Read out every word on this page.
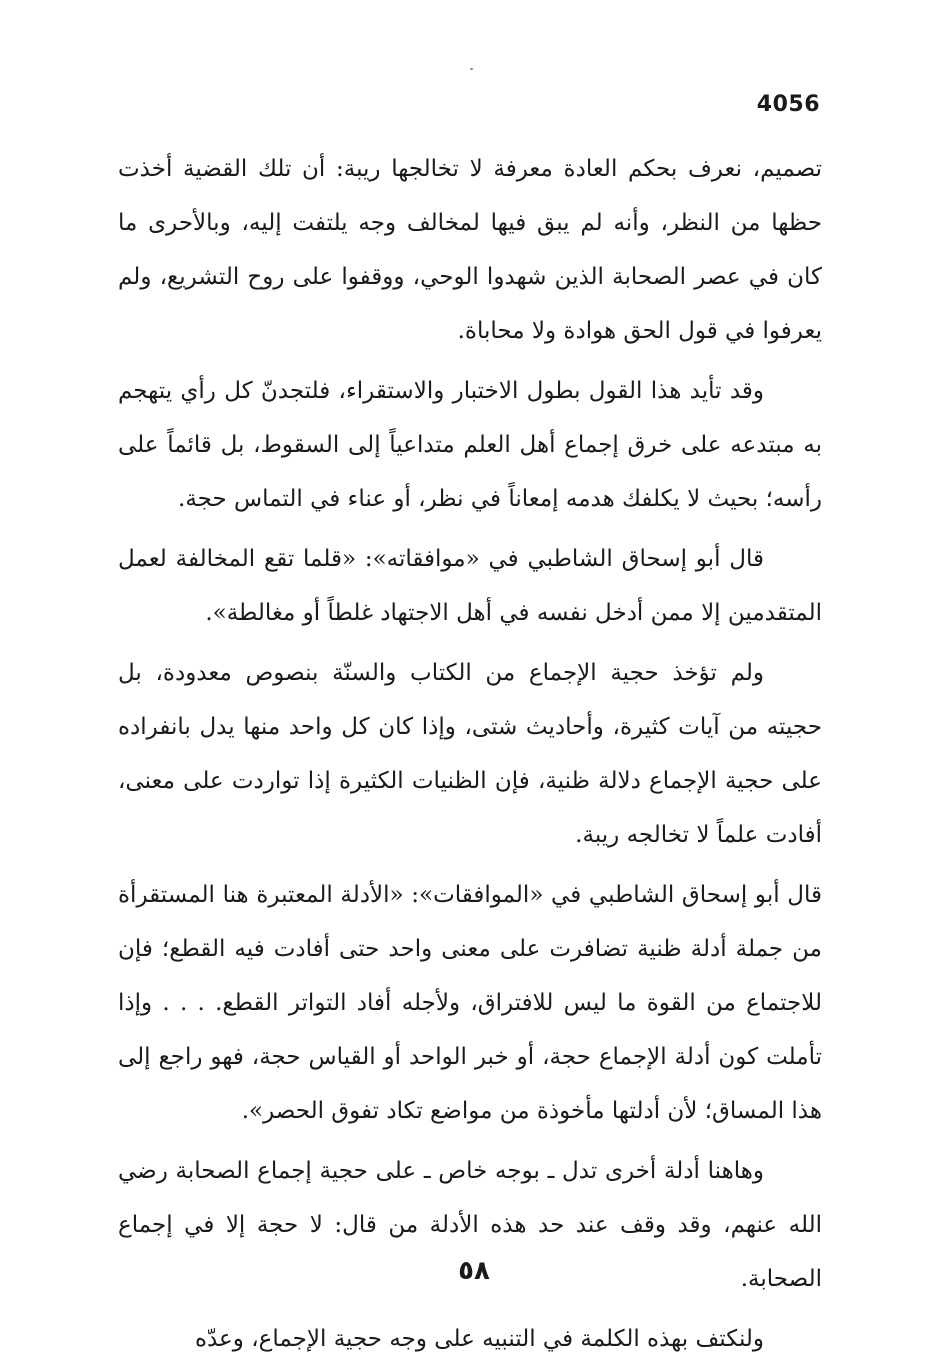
4056

تصميم، نعرف بحكم العادة معرفة لا تخالجها ريبة: أن تلك القضية أخذت حظها من النظر، وأنه لم يبق فيها لمخالف وجه يلتفت إليه، وبالأحرى ما كان في عصر الصحابة الذين شهدوا الوحي، ووقفوا على روح التشريع، ولم يعرفوا في قول الحق هوادة ولا محاباة.

وقد تأيد هذا القول بطول الاختبار والاستقراء، فلتجدنّ كل رأي يتهجم به مبتدعه على خرق إجماع أهل العلم متداعياً إلى السقوط، بل قائماً على رأسه؛ بحيث لا يكلفك هدمه إمعاناً في نظر، أو عناء في التماس حجة.

قال أبو إسحاق الشاطبي في «موافقاته»: «قلما تقع المخالفة لعمل المتقدمين إلا ممن أدخل نفسه في أهل الاجتهاد غلطاً أو مغالطة».

ولم تؤخذ حجية الإجماع من الكتاب والسنّة بنصوص معدودة، بل حجيته من آيات كثيرة، وأحاديث شتى، وإذا كان كل واحد منها يدل بانفراده على حجية الإجماع دلالة ظنية، فإن الظنيات الكثيرة إذا تواردت على معنى، أفادت علماً لا تخالجه ريبة.

قال أبو إسحاق الشاطبي في «الموافقات»: «الأدلة المعتبرة هنا المستقرأة من جملة أدلة ظنية تضافرت على معنى واحد حتى أفادت فيه القطع؛ فإن للاجتماع من القوة ما ليس للافتراق، ولأجله أفاد التواتر القطع. . . . وإذا تأملت كون أدلة الإجماع حجة، أو خبر الواحد أو القياس حجة، فهو راجع إلى هذا المساق؛ لأن أدلتها مأخوذة من مواضع تكاد تفوق الحصر».

وهاهنا أدلة أخرى تدل ـ بوجه خاص ـ على حجية إجماع الصحابة رضي الله عنهم، وقد وقف عند حد هذه الأدلة من قال: لا حجة إلا في إجماع الصحابة.

ولنكتف بهذه الكلمة في التنبيه على وجه حجية الإجماع، وعدّه

٥٨
